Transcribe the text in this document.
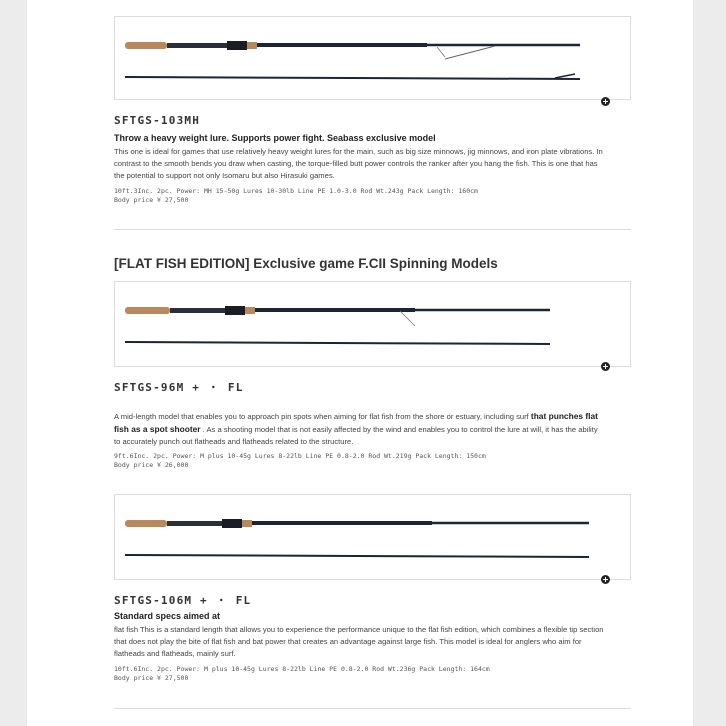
SFTGS-103MH
Throw a heavy weight lure. Supports power fight. Seabass exclusive model
This one is ideal for games that use relatively heavy weight lures for the main, such as big size minnows, jig minnows, and iron plate vibrations. In contrast to the smooth bends you draw when casting, the torque-filled butt power controls the ranker after you hang the fish. This is one that has the potential to support not only Isomaru but also Hirasuki games.
10ft.3Inc. 2pc. Power: MH 15-50g Lures 10-30lb Line PE 1.0-3.0 Rod Wt.243g Pack Length: 160cm
Body price ¥ 27,500
[FLAT FISH EDITION] Exclusive game F.CII Spinning Models
SFTGS-96M + ・ FL
A mid-length model that enables you to approach pin spots when aiming for flat fish from the shore or estuary, including surf that punches flat fish as a spot shooter . As a shooting model that is not easily affected by the wind and enables you to control the lure at will, it has the ability to accurately punch out flatheads and flatheads related to the structure.
9ft.6Inc. 2pc. Power: M plus 10-45g Lures 8-22lb Line PE 0.8-2.0 Rod Wt.219g Pack Length: 150cm
Body price ¥ 26,000
SFTGS-106M + ・ FL
Standard specs aimed at
flat fish This is a standard length that allows you to experience the performance unique to the flat fish edition, which combines a flexible tip section that does not play the bite of flat fish and bat power that creates an advantage against large fish. This model is ideal for anglers who aim for flatheads and flatheads, mainly surf.
10ft.6Inc. 2pc. Power: M plus 10-45g Lures 8-22lb Line PE 0.8-2.0 Rod Wt.236g Pack Length: 164cm
Body price ¥ 27,500
